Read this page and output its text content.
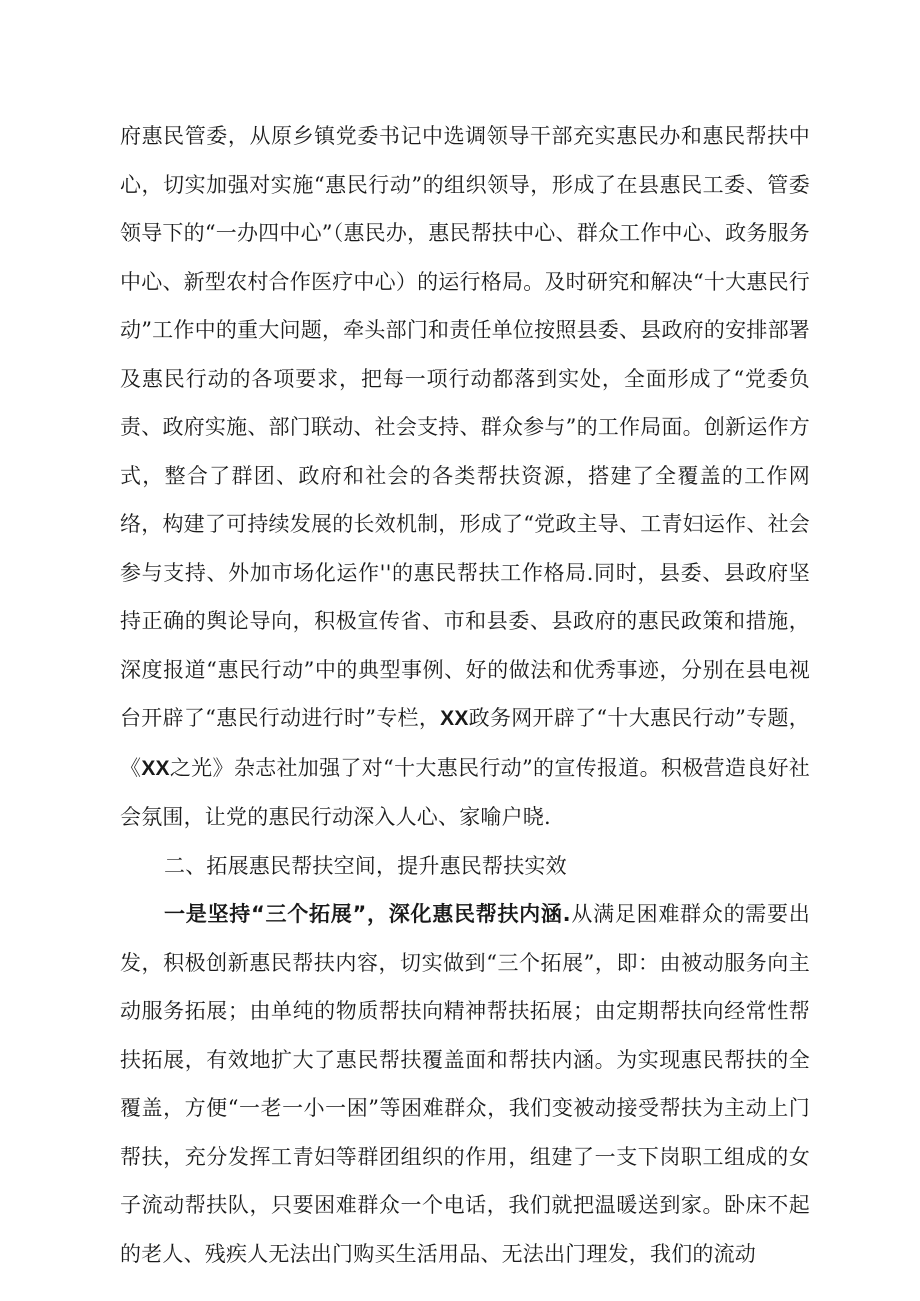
府惠民管委，从原乡镇党委书记中选调领导干部充实惠民办和惠民帮扶中心，切实加强对实施“惠民行动”的组织领导，形成了在县惠民工委、管委领导下的“一办四中心”（惠民办，惠民帮扶中心、群众工作中心、政务服务中心、新型农村合作医疗中心）的运行格局。及时研究和解决“十大惠民行动”工作中的重大问题，牵头部门和责任单位按照县委、县政府的安排部署及惠民行动的各项要求，把每一项行动都落到实处，全面形成了“党委负责、政府实施、部门联动、社会支持、群众参与”的工作局面。创新运作方式，整合了群团、政府和社会的各类帮扶资源，搭建了全覆盖的工作网络，构建了可持续发展的长效机制，形成了“党政主导、工青妇运作、社会参与支持、外加市场化运作''的惠民帮扶工作格局.同时，县委、县政府坚持正确的舆论导向，积极宣传省、市和县委、县政府的惠民政策和措施，深度报道“惠民行动”中的典型事例、好的做法和优秀事迹，分别在县电视台开辟了“惠民行动进行时”专栏，XX政务网开辟了“十大惠民行动”专题，《XX之光》杂志社加强了对“十大惠民行动”的宣传报道。积极营造良好社会氛围，让党的惠民行动深入人心、家喻户晓.

二、拓展惠民帮扶空间，提升惠民帮扶实效

一是坚持“三个拓展”，深化惠民帮扶内涵.从满足困难群众的需要出发，积极创新惠民帮扶内容，切实做到“三个拓展”，即：由被动服务向主动服务拓展；由单纯的物质帮扶向精神帮扶拓展；由定期帮扶向经常性帮扶拓展，有效地扩大了惠民帮扶覆盖面和帮扶内涵。为实现惠民帮扶的全覆盖，方便“一老一小一困”等困难群众，我们变被动接受帮扶为主动上门帮扶，充分发挥工青妇等群团组织的作用，组建了一支下岗职工组成的女子流动帮扶队，只要困难群众一个电话，我们就把温暖送到家。卧床不起的老人、残疾人无法出门购买生活用品、无法出门理发，我们的流动
